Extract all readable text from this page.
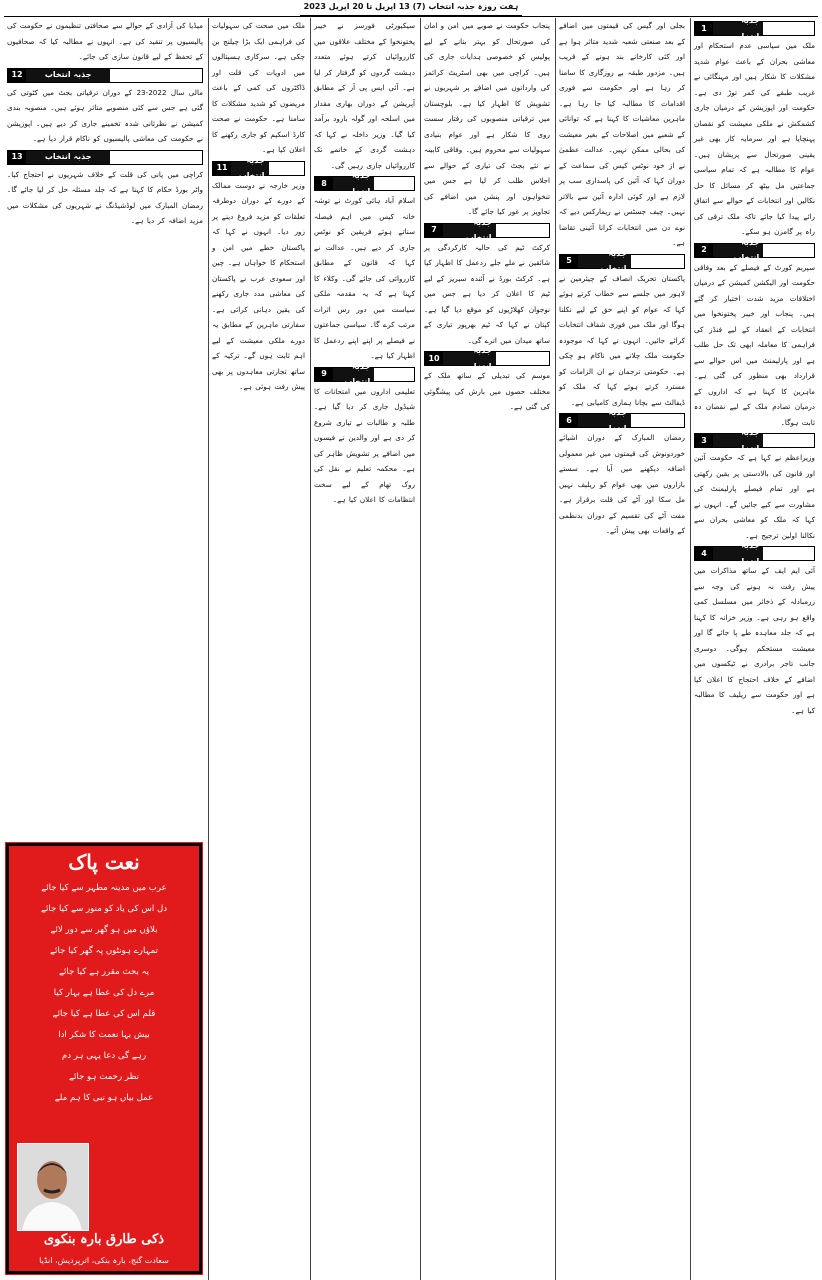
ہفت روزہ جذبہ انتخاب (7) 13 اپریل تا 20 اپریل 2023
1
جذبہ انتخاب

ملک میں سیاسی عدم استحکام اور معاشی بحران کے باعث عوام شدید مشکلات کا شکار ہیں اور مہنگائی نے غریب طبقے کی کمر توڑ دی ہے۔ حکومت اور اپوزیشن کے درمیان جاری کشمکش نے ملکی معیشت کو نقصان پہنچایا ہے اور سرمایہ کار بھی غیر یقینی صورتحال سے پریشان ہیں۔ عوام کا مطالبہ ہے کہ تمام سیاسی جماعتیں مل بیٹھ کر مسائل کا حل نکالیں اور انتخابات کے حوالے سے اتفاق رائے پیدا کیا جائے تاکہ ملک ترقی کی راہ پر گامزن ہو سکے۔

2
جذبہ انتخاب

سپریم کورٹ کے فیصلے کے بعد وفاقی حکومت اور الیکشن کمیشن کے درمیان اختلافات مزید شدت اختیار کر گئے ہیں۔ پنجاب اور خیبر پختونخوا میں انتخابات کے انعقاد کے لیے فنڈز کی فراہمی کا معاملہ ابھی تک حل طلب ہے اور پارلیمنٹ میں اس حوالے سے قرارداد بھی منظور کی گئی ہے۔ ماہرین کا کہنا ہے کہ اداروں کے درمیان تصادم ملک کے لیے نقصان دہ ثابت ہوگا۔

3
جذبہ انتخاب

وزیراعظم نے کہا ہے کہ حکومت آئین اور قانون کی بالادستی پر یقین رکھتی ہے اور تمام فیصلے پارلیمنٹ کی مشاورت سے کیے جائیں گے۔ انہوں نے کہا کہ ملک کو معاشی بحران سے نکالنا اولین ترجیح ہے۔

4
جذبہ انتخاب

آئی ایم ایف کے ساتھ مذاکرات میں پیش رفت نہ ہونے کی وجہ سے زرمبادلہ کے ذخائر میں مسلسل کمی واقع ہو رہی ہے۔ وزیر خزانہ کا کہنا ہے کہ جلد معاہدہ طے پا جائے گا اور معیشت مستحکم ہوگی۔ دوسری جانب تاجر برادری نے ٹیکسوں میں اضافے کے خلاف احتجاج کا اعلان کیا ہے اور حکومت سے ریلیف کا مطالبہ کیا ہے۔

بجلی اور گیس کی قیمتوں میں اضافے کے بعد صنعتی شعبہ شدید متاثر ہوا ہے اور کئی کارخانے بند ہونے کے قریب ہیں۔ مزدور طبقہ بے روزگاری کا سامنا کر رہا ہے اور حکومت سے فوری اقدامات کا مطالبہ کیا جا رہا ہے۔ ماہرین معاشیات کا کہنا ہے کہ توانائی کے شعبے میں اصلاحات کے بغیر معیشت کی بحالی ممکن نہیں۔ عدالت عظمیٰ نے از خود نوٹس کیس کی سماعت کے دوران کہا کہ آئین کی پاسداری سب پر لازم ہے اور کوئی ادارہ آئین سے بالاتر نہیں۔ چیف جسٹس نے ریمارکس دیے کہ نوے دن میں انتخابات کرانا آئینی تقاضا ہے۔

5
جذبہ انتخاب

پاکستان تحریک انصاف کے چیئرمین نے لاہور میں جلسے سے خطاب کرتے ہوئے کہا کہ عوام کو اپنے حق کے لیے نکلنا ہوگا اور ملک میں فوری شفاف انتخابات کرائے جائیں۔ انہوں نے کہا کہ موجودہ حکومت ملک چلانے میں ناکام ہو چکی ہے۔ حکومتی ترجمان نے ان الزامات کو مسترد کرتے ہوئے کہا کہ ملک کو ڈیفالٹ سے بچانا ہماری کامیابی ہے۔

6
جذبہ انتخاب

رمضان المبارک کے دوران اشیائے خوردونوش کی قیمتوں میں غیر معمولی اضافہ دیکھنے میں آیا ہے۔ سستے بازاروں میں بھی عوام کو ریلیف نہیں مل سکا اور آٹے کی قلت برقرار ہے۔ مفت آٹے کی تقسیم کے دوران بدنظمی کے واقعات بھی پیش آئے۔

پنجاب حکومت نے صوبے میں امن و امان کی صورتحال کو بہتر بنانے کے لیے پولیس کو خصوصی ہدایات جاری کی ہیں۔ کراچی میں بھی اسٹریٹ کرائمز کی وارداتوں میں اضافے پر شہریوں نے تشویش کا اظہار کیا ہے۔ بلوچستان میں ترقیاتی منصوبوں کی رفتار سست روی کا شکار ہے اور عوام بنیادی سہولیات سے محروم ہیں۔ وفاقی کابینہ نے نئے بجٹ کی تیاری کے حوالے سے اجلاس طلب کر لیا ہے جس میں تنخواہوں اور پنشن میں اضافے کی تجاویز پر غور کیا جائے گا۔

7
جذبہ انتخاب

کرکٹ ٹیم کی حالیہ کارکردگی پر شائقین نے ملے جلے ردعمل کا اظہار کیا ہے۔ کرکٹ بورڈ نے آئندہ سیریز کے لیے ٹیم کا اعلان کر دیا ہے جس میں نوجوان کھلاڑیوں کو موقع دیا گیا ہے۔ کپتان نے کہا کہ ٹیم بھرپور تیاری کے ساتھ میدان میں اترے گی۔

10
جذبہ انتخاب

موسم کی تبدیلی کے ساتھ ملک کے مختلف حصوں میں بارش کی پیشگوئی کی گئی ہے۔

سیکیورٹی فورسز نے خیبر پختونخوا کے مختلف علاقوں میں کارروائیاں کرتے ہوئے متعدد دہشت گردوں کو گرفتار کر لیا ہے۔ آئی ایس پی آر کے مطابق آپریشن کے دوران بھاری مقدار میں اسلحہ اور گولہ بارود برآمد کیا گیا۔ وزیر داخلہ نے کہا کہ دہشت گردی کے خاتمے تک کارروائیاں جاری رہیں گی۔

8
جذبہ انتخاب

اسلام آباد ہائی کورٹ نے توشہ خانہ کیس میں اہم فیصلہ سناتے ہوئے فریقین کو نوٹس جاری کر دیے ہیں۔ عدالت نے کہا کہ قانون کے مطابق کارروائی کی جائے گی۔ وکلاء کا کہنا ہے کہ یہ مقدمہ ملکی سیاست میں دور رس اثرات مرتب کرے گا۔ سیاسی جماعتوں نے فیصلے پر اپنے اپنے ردعمل کا اظہار کیا ہے۔

9
جذبہ انتخاب

تعلیمی اداروں میں امتحانات کا شیڈول جاری کر دیا گیا ہے۔ طلبہ و طالبات نے تیاری شروع کر دی ہے اور والدین نے فیسوں میں اضافے پر تشویش ظاہر کی ہے۔ محکمہ تعلیم نے نقل کی روک تھام کے لیے سخت انتظامات کا اعلان کیا ہے۔

ملک میں صحت کی سہولیات کی فراہمی ایک بڑا چیلنج بن چکی ہے۔ سرکاری ہسپتالوں میں ادویات کی قلت اور ڈاکٹروں کی کمی کے باعث مریضوں کو شدید مشکلات کا سامنا ہے۔ حکومت نے صحت کارڈ اسکیم کو جاری رکھنے کا اعلان کیا ہے۔

11
جذبہ انتخاب

وزیر خارجہ نے دوست ممالک کے دورے کے دوران دوطرفہ تعلقات کو مزید فروغ دینے پر زور دیا۔ انہوں نے کہا کہ پاکستان خطے میں امن و استحکام کا خواہاں ہے۔ چین اور سعودی عرب نے پاکستان کی معاشی مدد جاری رکھنے کی یقین دہانی کرائی ہے۔ سفارتی ماہرین کے مطابق یہ دورے ملکی معیشت کے لیے اہم ثابت ہوں گے۔ ترکیہ کے ساتھ تجارتی معاہدوں پر بھی پیش رفت ہوئی ہے۔

میڈیا کی آزادی کے حوالے سے صحافتی تنظیموں نے حکومت کی پالیسیوں پر تنقید کی ہے۔ انہوں نے مطالبہ کیا کہ صحافیوں کے تحفظ کے لیے قانون سازی کی جائے۔

12	جذبہ انتخاب

مالی سال 2022-23 کے دوران ترقیاتی بجٹ میں کٹوتی کی گئی ہے جس سے کئی منصوبے متاثر ہوئے ہیں۔ منصوبہ بندی کمیشن نے نظرثانی شدہ تخمینے جاری کر دیے ہیں۔ اپوزیشن نے حکومت کی معاشی پالیسیوں کو ناکام قرار دیا ہے۔

13	جذبہ انتخاب

کراچی میں پانی کی قلت کے خلاف شہریوں نے احتجاج کیا۔ واٹر بورڈ حکام کا کہنا ہے کہ جلد مسئلہ حل کر لیا جائے گا۔ رمضان المبارک میں لوڈشیڈنگ نے شہریوں کی مشکلات میں مزید اضافہ کر دیا ہے۔

نعت پاک
عرب میں مدینہ مطہر سے کیا جائے
دل اس کی یاد کو منور سے کیا جائے
بلاؤں میں ہو گھر سے دور لائے
تمہارے ہونٹوں پہ گھر کیا جائے
یہ بحث مقرر ہے کیا جائے
مرے دل کی عطا ہے بہار کیا
قلم اس کی عطا ہے کیا جائے
بیش بہا نعمت کا شکر ادا
رہے گی دعا یہی ہر دم
نظر رحمت ہو جائے
عمل بیاں ہو نبی کا ہم ملے
ذکی طارق بارہ بنکوی
سعادت گنج، بارہ بنکی، اترپردیش، انڈیا
